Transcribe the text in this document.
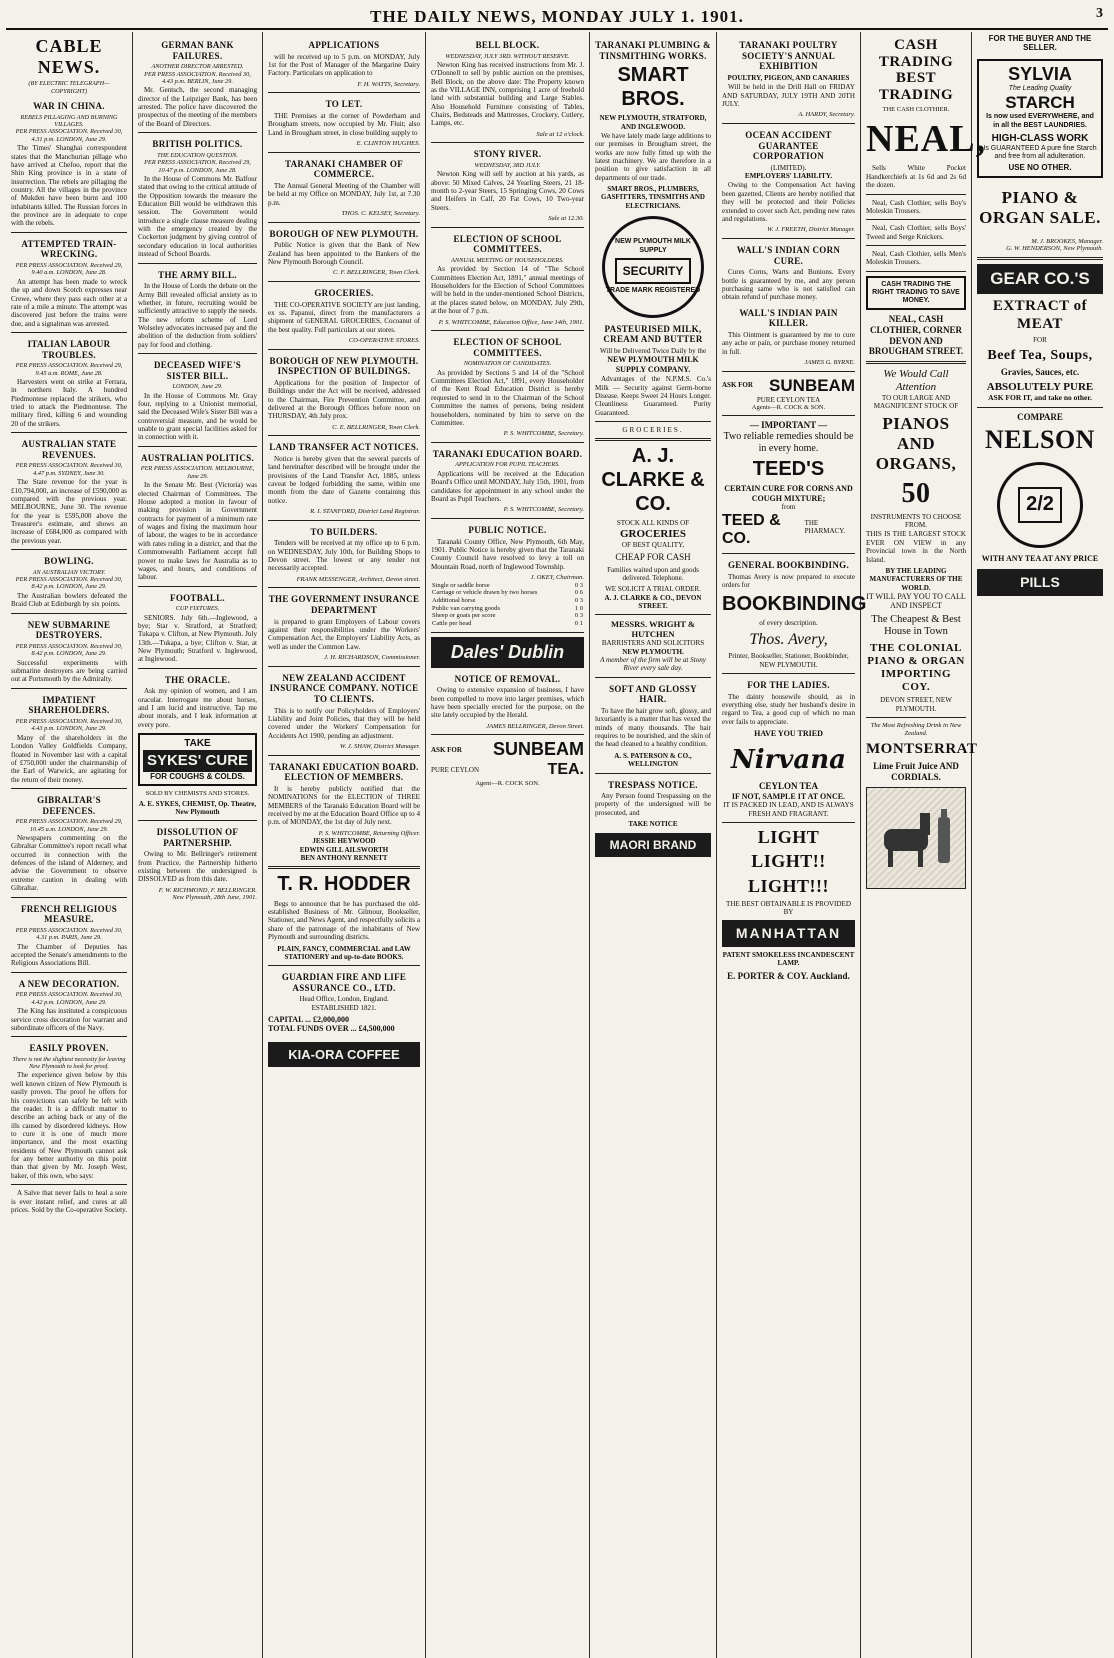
THE DAILY NEWS, MONDAY JULY 1. 1901.	3
CABLE NEWS.
(BY ELECTRIC TELEGRAPH—COPYRIGHT)
WAR IN CHINA.
REBELS PILLAGING AND BURNING VILLAGES.
PER PRESS ASSOCIATION. Received 30, 4.31 p.m. LONDON, June 29.
The Times' Shanghai correspondent states that the Manchurian pillage who have arrived at Chefoo, report that the Shin King province is in a state of insurrection. The rebels are pillaging the country. All the villages in the province of Mukden have been burnt and 100 inhabitants killed. The Russian forces in the province are in adequate to cope with the rebels.
ATTEMPTED TRAIN-WRECKING.
PER PRESS ASSOCIATION. Received 29, 9.40 a.m. LONDON, June 28.
An attempt has been made to wreck the up and down Scotch expresses near Crewe, where they pass each other at a rate of a mile a minute. The attempt was discovered just before the trains were due, and a signalman was arrested.
ITALIAN LABOUR TROUBLES.
PER PRESS ASSOCIATION. Received 29, 9.45 a.m. ROME, June 28.
Harvesters went on strike at Ferrara, in northern Italy. A hundred Piedmontese replaced the strikers, who tried to attack the Piedmontese. The military fired, killing 6 and wounding 20 of the strikers.
AUSTRALIAN STATE REVENUES.
PER PRESS ASSOCIATION. Received 30, 4.47 p.m. SYDNEY, June 30.
The State revenue for the year is £10,794,000, an increase of £590,000 as compared with the previous year. MELBOURNE, June 30. The revenue for the year is £595,000 above the Treasurer's estimate, and shows an increase of £684,000 as compared with the previous year.
BOWLING.
AN AUSTRALIAN VICTORY.
PER PRESS ASSOCIATION. Received 30, 8.42 p.m. LONDON, June 29.
The Australian bowlers defeated the Braid Club at Edinburgh by six points.
NEW SUBMARINE DESTROYERS.
PER PRESS ASSOCIATION. Received 30, 8.42 p.m. LONDON, June 29.
Successful experiments with submarine destroyers are being carried out at Portsmouth by the Admiralty.
IMPATIENT SHAREHOLDERS.
PER PRESS ASSOCIATION. Received 30, 4.43 p.m. LONDON, June 29.
Many of the shareholders in the London Valley Goldfields Company, floated in November last with a capital of £750,000 under the chairmanship of the Earl of Warwick, are agitating for the return of their money.
GIBRALTAR'S DEFENCES.
PER PRESS ASSOCIATION. Received 29, 10.45 a.m. LONDON, June 29.
Newspapers commenting on the Gibraltar Committee's report recall what occurred in connection with the defences of the island of Alderney, and advise the Government to observe extreme caution in dealing with Gibraltar.
FRENCH RELIGIOUS MEASURE.
PER PRESS ASSOCIATION. Received 30, 4.31 p.m. PARIS, June 29.
The Chamber of Deputies has accepted the Senate's amendments to the Religious Associations Bill.
A NEW DECORATION.
PER PRESS ASSOCIATION. Received 30, 4.42 p.m. LONDON, June 29.
The King has instituted a conspicuous service cross decoration for warrant and subordinate officers of the Navy.
EASILY PROVEN.
There is not the slightest necessity for leaving New Plymouth to look for proof.
The experience given below by this well known citizen of New Plymouth is easily proven. The proof he offers for his convictions can safely be left with the reader. It is a difficult matter to describe an aching back or any of the ills caused by disordered kidneys. How to cure it is one of much more importance, and the most exacting residents of New Plymouth cannot ask for any better authority on this point than that given by Mr. Joseph West, baker, of this own, who says:
A Salve that never fails to heal a sore is ever instant relief, and cures at all prices. Sold by the Co-operative Society.
GERMAN BANK FAILURES.
ANOTHER DIRECTOR ARRESTED.
PER PRESS ASSOCIATION. Received 30, 4.43 p.m. BERLIN, June 29.
Mr. Gentsch, the second managing director of the Leipziger Bank, has been arrested. The police have discovered the prospectus of the meeting of the members of the Board of Directors.
BRITISH POLITICS.
THE EDUCATION QUESTION.
PER PRESS ASSOCIATION. Received 29, 10.47 p.m. LONDON, June 28.
In the House of Commons Mr. Balfour stated that owing to the critical attitude of the Opposition towards the measure the Education Bill would be withdrawn this session. The Government would introduce a single clause measure dealing with the emergency created by the Cockerton judgment by giving control of secondary education in local authorities instead of School Boards.
THE ARMY BILL.
In the House of Lords the debate on the Army Bill revealed official anxiety as to whether, in future, recruiting would be sufficiently attractive to supply the needs. The new reform scheme of Lord Wolseley advocates increased pay and the abolition of the deduction from soldiers' pay for food and clothing.
DECEASED WIFE'S SISTER BILL.
LONDON, June 29.
In the House of Commons Mr. Gray four, replying to a Unionist memorial, said the Deceased Wife's Sister Bill was a controversial measure, and he would be unable to grant special facilities asked for in connection with it.
AUSTRALIAN POLITICS.
PER PRESS ASSOCIATION. MELBOURNE, June 29.
In the Senate Mr. Best (Victoria) was elected Chairman of Committees. The House adopted a motion in favour of making provision in Government contracts for payment of a minimum rate of wages and fixing the maximum hour of labour, the wages to be in accordance with rates ruling in a district, and that the Commonwealth Parliament accept full power to make laws for Australia as to wages, and hours, and conditions of labour.
FOOTBALL.
CUP FIXTURES.
SENIORS. July 6th.—Inglewood, a bye; Star v. Stratford, at Stratford; Tukapa v. Clifton, at New Plymouth. July 13th.—Tukapa, a bye; Clifton v. Star, at New Plymouth; Stratford v. Inglewood, at Inglewood.
THE ORACLE.
Ask my opinion of women, and I am oracular. Interrogate me about horses, and I am lucid and instructive. Tap me about morals, and I leak information at every pore.
TAKE
SYKES' CURE
FOR COUGHS & COLDS.
SOLD BY CHEMISTS AND STORES.
A. E. SYKES, CHEMIST, Op. Theatre, New Plymouth
DISSOLUTION OF PARTNERSHIP.
Owing to Mr. Bellringer's retirement from Practice, the Partnership hitherto existing between the undersigned is DISSOLVED as from this date.
F. W. RICHMOND, F. BELLRINGER.
New Plymouth, 28th June, 1901.
APPLICATIONS
will be received up to 5 p.m. on MONDAY, July 1st for the Post of Manager of the Margarine Dairy Factory. Particulars on application to
F. H. WATTS, Secretary.
TO LET.
THE Premises at the corner of Powderham and Brougham streets, now occupied by Mr. Fluit; also Land in Brougham street, in close building supply to
E. CLINTON HUGHES.
TARANAKI CHAMBER OF COMMERCE.
The Annual General Meeting of the Chamber will be held at my Office on MONDAY, July 1st, at 7.30 p.m.
THOS. C. KELSEY, Secretary.
BOROUGH OF NEW PLYMOUTH.
Public Notice is given that the Bank of New Zealand has been appointed to the Bankers of the New Plymouth Borough Council.
C. F. BELLRINGER, Town Clerk.
GROCERIES.
THE CO-OPERATIVE SOCIETY are just landing, ex ss. Papanui, direct from the manufacturers a shipment of GENERAL GROCERIES, Cocoanut of the best quality. Full particulars at our stores.
CO-OPERATIVE STORES.
BOROUGH OF NEW PLYMOUTH. INSPECTION OF BUILDINGS.
Applications for the position of Inspector of Buildings under the Act will be received, addressed to the Chairman, Fire Prevention Committee, and delivered at the Borough Offices before noon on THURSDAY, 4th July prox.
C. E. BELLRINGER, Town Clerk.
LAND TRANSFER ACT NOTICES.
Notice is hereby given that the several parcels of land hereinafter described will be brought under the provisions of the Land Transfer Act, 1885, unless caveat be lodged forbidding the same, within one month from the date of Gazette containing this notice.
R. I. STANFORD, District Land Registrar.
TO BUILDERS.
Tenders will be received at my office up to 6 p.m. on WEDNESDAY, July 10th, for Building Shops to Devon street. The lowest or any tender not necessarily accepted.
FRANK MESSENGER, Architect, Devon street.
THE GOVERNMENT INSURANCE DEPARTMENT
is prepared to grant Employers of Labour covers against their responsibilities under the Workers' Compensation Act, the Employers' Liability Acts, as well as under the Common Law.
J. H. RICHARDSON, Commissioner.
NEW ZEALAND ACCIDENT INSURANCE COMPANY. NOTICE TO CLIENTS.
This is to notify our Policyholders of Employers' Liability and Joint Policies, that they will be held covered under the Workers' Compensation for Accidents Act 1900, pending an adjustment.
W. J. SHAW, District Manager.
TARANAKI EDUCATION BOARD. ELECTION OF MEMBERS.
It is hereby publicly notified that the NOMINATIONS for the ELECTION of THREE MEMBERS of the Taranaki Education Board will be received by me at the Education Board Office up to 4 p.m. of MONDAY, the 1st day of July next.
P. S. WHITCOMBE, Returning Officer.
JESSIE HEYWOOD
EDWIN GILL AILSWORTH
BEN ANTHONY RENNETT
T. R. HODDER
Begs to announce that he has purchased the old-established Business of Mr. Gilmour, Bookseller, Stationer, and News Agent, and respectfully solicits a share of the patronage of the inhabitants of New Plymouth and surrounding districts.
PLAIN, FANCY, COMMERCIAL and LAW STATIONERY and up-to-date BOOKS.
GUARDIAN FIRE AND LIFE ASSURANCE CO., LTD.
Head Office, London, England.
ESTABLISHED 1821.
CAPITAL ... £2,000,000
TOTAL FUNDS OVER ... £4,500,000
KIA-ORA COFFEE
BELL BLOCK.
WEDNESDAY, JULY 3RD. WITHOUT RESERVE.
Newton King has received instructions from Mr. J. O'Donnell to sell by public auction on the premises, Bell Block, on the above date: The Property known as the VILLAGE INN, comprising 1 acre of freehold land with substantial building and Large Stables. Also Household Furniture consisting of Tables, Chairs, Bedsteads and Mattresses, Crockery, Cutlery, Lamps, etc.
Sale at 12 o'clock.
STONY RIVER.
WEDNESDAY, 3RD JULY.
Newton King will sell by auction at his yards, as above: 50 Mixed Calves, 24 Yearling Steers, 21 18-month to 2-year Steers, 15 Springing Cows, 20 Cows and Heifers in Calf, 20 Fat Cows, 10 Two-year Steers.
Sale at 12.30.
ELECTION OF SCHOOL COMMITTEES.
ANNUAL MEETING OF HOUSEHOLDERS.
As provided by Section 14 of "The School Committees Election Act, 1891," annual meetings of Householders for the Election of School Committees will be held in the under-mentioned School Districts, at the places stated below, on MONDAY, July 29th, at the hour of 7 p.m.
P. S. WHITCOMBE, Education Office, June 14th, 1901.
ELECTION OF SCHOOL COMMITTEES.
NOMINATION OF CANDIDATES.
As provided by Sections 5 and 14 of the "School Committees Election Act," 1891, every Householder of the Kent Road Education District is hereby requested to send in to the Chairman of the School Committee the names of persons, being resident householders, nominated by him to serve on the Committee.
P. S. WHITCOMBE, Secretary.
TARANAKI EDUCATION BOARD.
APPLICATION FOR PUPIL TEACHERS.
Applications will be received at the Education Board's Office until MONDAY, July 15th, 1901, from candidates for appointment in any school under the Board as Pupil Teachers.
P. S. WHITCOMBE, Secretary.
PUBLIC NOTICE.
Taranaki County Office, New Plymouth, 6th May, 1901. Public Notice is hereby given that the Taranaki County Council have resolved to levy a toll on Mountain Road, north of Inglewood Township.
J. OKEY, Chairman.
Single or saddle horse	0 3
Carriage or vehicle drawn by two horses	0 6
Additional horse	0 3
Public van carrying goods	1 0
Sheep or goats per score	0 3
Cattle per head	0 1
Dales' Dublin
NOTICE OF REMOVAL.
Owing to extensive expansion of business, I have been compelled to move into larger premises, which have been specially erected for the purpose, on the site lately occupied by the Herald.
JAMES BELLRINGER, Devon Street.
ASK FOR SUNBEAM
PURE CEYLON	TEA.
Agent—R. COCK SON.
TARANAKI PLUMBING & TINSMITHING WORKS.
SMART BROS.
NEW PLYMOUTH, STRATFORD, AND INGLEWOOD.
We have lately made large additions to our premises in Brougham street, the works are now fully fitted up with the latest machinery. We are therefore in a position to give satisfaction in all departments of our trade.
SMART BROS., PLUMBERS, GASFITTERS, TINSMITHS AND ELECTRICIANS.
NEW PLYMOUTH MILK SUPPLY
SECURITY
TRADE MARK REGISTERED
PASTEURISED MILK, CREAM AND BUTTER
Will be Delivered Twice Daily by the
NEW PLYMOUTH MILK SUPPLY COMPANY.
Advantages of the N.P.M.S. Co.'s Milk — Security against Germ-borne Disease. Keeps Sweet 24 Hours Longer. Cleanliness Guaranteed. Purity Guaranteed.
GROCERIES.
A. J. CLARKE & CO.
STOCK ALL KINDS OF
GROCERIES
OF BEST QUALITY,
CHEAP FOR CASH
Families waited upon and goods delivered. Telephone.
WE SOLICIT A TRIAL ORDER.
A. J. CLARKE & CO., DEVON STREET.
MESSRS. WRIGHT & HUTCHEN
BARRISTERS AND SOLICITORS
NEW PLYMOUTH.
A member of the firm will be at Stony River every sale day.
SOFT AND GLOSSY HAIR.
To have the hair grow soft, glossy, and luxuriantly is a matter that has vexed the minds of many thousands. The hair requires to be nourished, and the skin of the head cleaned to a healthy condition.
A. S. PATERSON & CO., WELLINGTON
TRESPASS NOTICE.
Any Person found Trespassing on the property of the undersigned will be prosecuted, and
TAKE NOTICE
MAORI BRAND
TARANAKI POULTRY SOCIETY'S ANNUAL EXHIBITION
POULTRY, PIGEON, AND CANARIES
Will be held in the Drill Hall on FRIDAY AND SATURDAY, JULY 19TH AND 20TH JULY.
A. HARDY, Secretary.
OCEAN ACCIDENT GUARANTEE CORPORATION
(LIMITED).
EMPLOYERS' LIABILITY.
Owing to the Compensation Act having been gazetted, Clients are hereby notified that they will be protected and their Policies extended to cover such Act, pending new rates and regulations.
W. J. FREETH, District Manager.
WALL'S INDIAN CORN CURE.
Cures Corns, Warts and Bunions. Every bottle is guaranteed by me, and any person purchasing same who is not satisfied can obtain refund of purchase money.
WALL'S INDIAN PAIN KILLER.
This Ointment is guaranteed by me to cure any ache or pain, or purchase money returned in full.
JAMES G. BYRNE.
ASK FOR SUNBEAM
PURE CEYLON TEA
Agents—R. COCK & SON.
— IMPORTANT —
Two reliable remedies should be in every home.
TEED'S
CERTAIN CURE FOR CORNS AND COUGH MIXTURE;
from
TEED & CO.
THE PHARMACY.
GENERAL BOOKBINDING.
Thomas Avery is now prepared to execute orders for
BOOKBINDING
of every description.
Thos. Avery,
Printer, Bookseller, Stationer, Bookbinder, NEW PLYMOUTH.
FOR THE LADIES.
The dainty housewife should, as in everything else, study her husband's desire in regard to Tea, a good cup of which no man ever fails to appreciate.
HAVE YOU TRIED
Nirvana
CEYLON TEA
IF NOT, SAMPLE IT AT ONCE.
IT IS PACKED IN LEAD, AND IS ALWAYS FRESH AND FRAGRANT.
LIGHT
LIGHT!!
LIGHT!!!
THE BEST OBTAINABLE IS PROVIDED BY
MANHATTAN
PATENT SMOKELESS INCANDESCENT LAMP.
E. PORTER & COY. Auckland.
CASH TRADING BEST TRADING
THE CASH CLOTHIER.
NEAL,
Sells White Pocket Handkerchiefs at 1s 6d and 2s 6d the dozen.
Neal, Cash Clothier, sells Boy's Moleskin Trousers.
Neal, Cash Clothier, sells Boys' Tweed and Serge Knickers.
Neal, Cash Clothier, sells Men's Moleskin Trousers.
CASH TRADING THE RIGHT TRADING TO SAVE MONEY.
NEAL, CASH CLOTHIER, CORNER DEVON AND BROUGHAM STREET.
We Would Call Attention
TO OUR LARGE AND MAGNIFICENT STOCK OF
PIANOS AND ORGANS,
50
INSTRUMENTS TO CHOOSE FROM.
THIS IS THE LARGEST STOCK EVER ON VIEW in any Provincial town in the North Island.
BY THE LEADING MANUFACTURERS OF THE WORLD.
IT WILL PAY YOU TO CALL AND INSPECT
The Cheapest & Best House in Town
THE COLONIAL PIANO & ORGAN IMPORTING COY.
DEVON STREET, NEW PLYMOUTH.
The Most Refreshing Drink in New Zealand.
MONTSERRAT
Lime Fruit Juice AND CORDIALS.
FOR THE BUYER AND THE SELLER.
SYLVIA
The Leading Quality
STARCH
Is now used EVERYWHERE, and in all the BEST LAUNDRIES.
HIGH-CLASS WORK
Is GUARANTEED A pure fine Starch and free from all adulteration.
USE NO OTHER.
PIANO & ORGAN SALE.
M. J. BROOKES, Manager.
G. W. HENDERSON, New Plymouth.
GEAR CO.'S
EXTRACT of MEAT
FOR
Beef Tea, Soups,
Gravies, Sauces, etc.
ABSOLUTELY PURE
ASK FOR IT, and take no other.
COMPARE
NELSON
2/2
WITH ANY TEA AT ANY PRICE
PILLS
